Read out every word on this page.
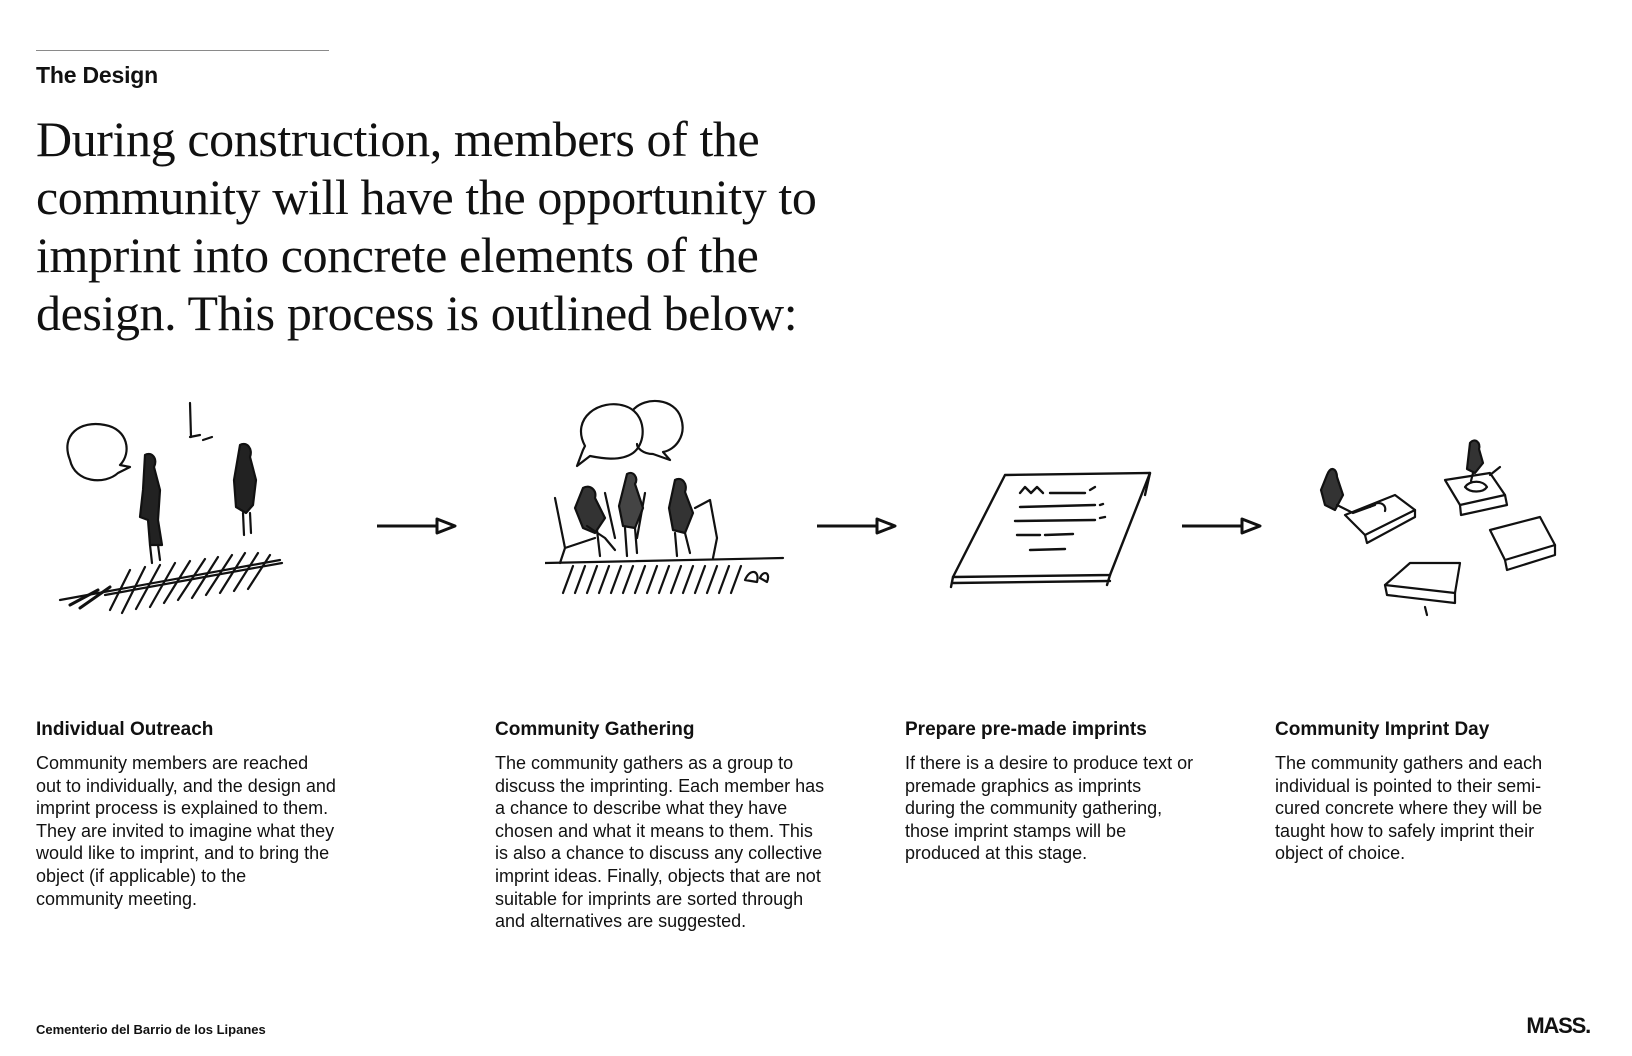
The Design
During construction, members of the community will have the opportunity to imprint into concrete elements of the design. This process is outlined below:

Individual Outreach

Community members are reached out to individually, and the design and imprint process is explained to them. They are invited to imagine what they would like to imprint, and to bring the object (if applicable) to the community meeting.

Community Gathering

The community gathers as a group to discuss the imprinting. Each member has a chance to describe what they have chosen and what it means to them. This is also a chance to discuss any collective imprint ideas. Finally, objects that are not suitable for imprints are sorted through and alternatives are suggested.

Prepare pre-made imprints

If there is a desire to produce text or premade graphics as imprints during the community gathering, those imprint stamps will be produced at this stage.

Community Imprint Day

The community gathers and each individual is pointed to their semi-cured concrete where they will be taught how to safely imprint their object of choice.

Cementerio del Barrio de los Lipanes	MASS.
